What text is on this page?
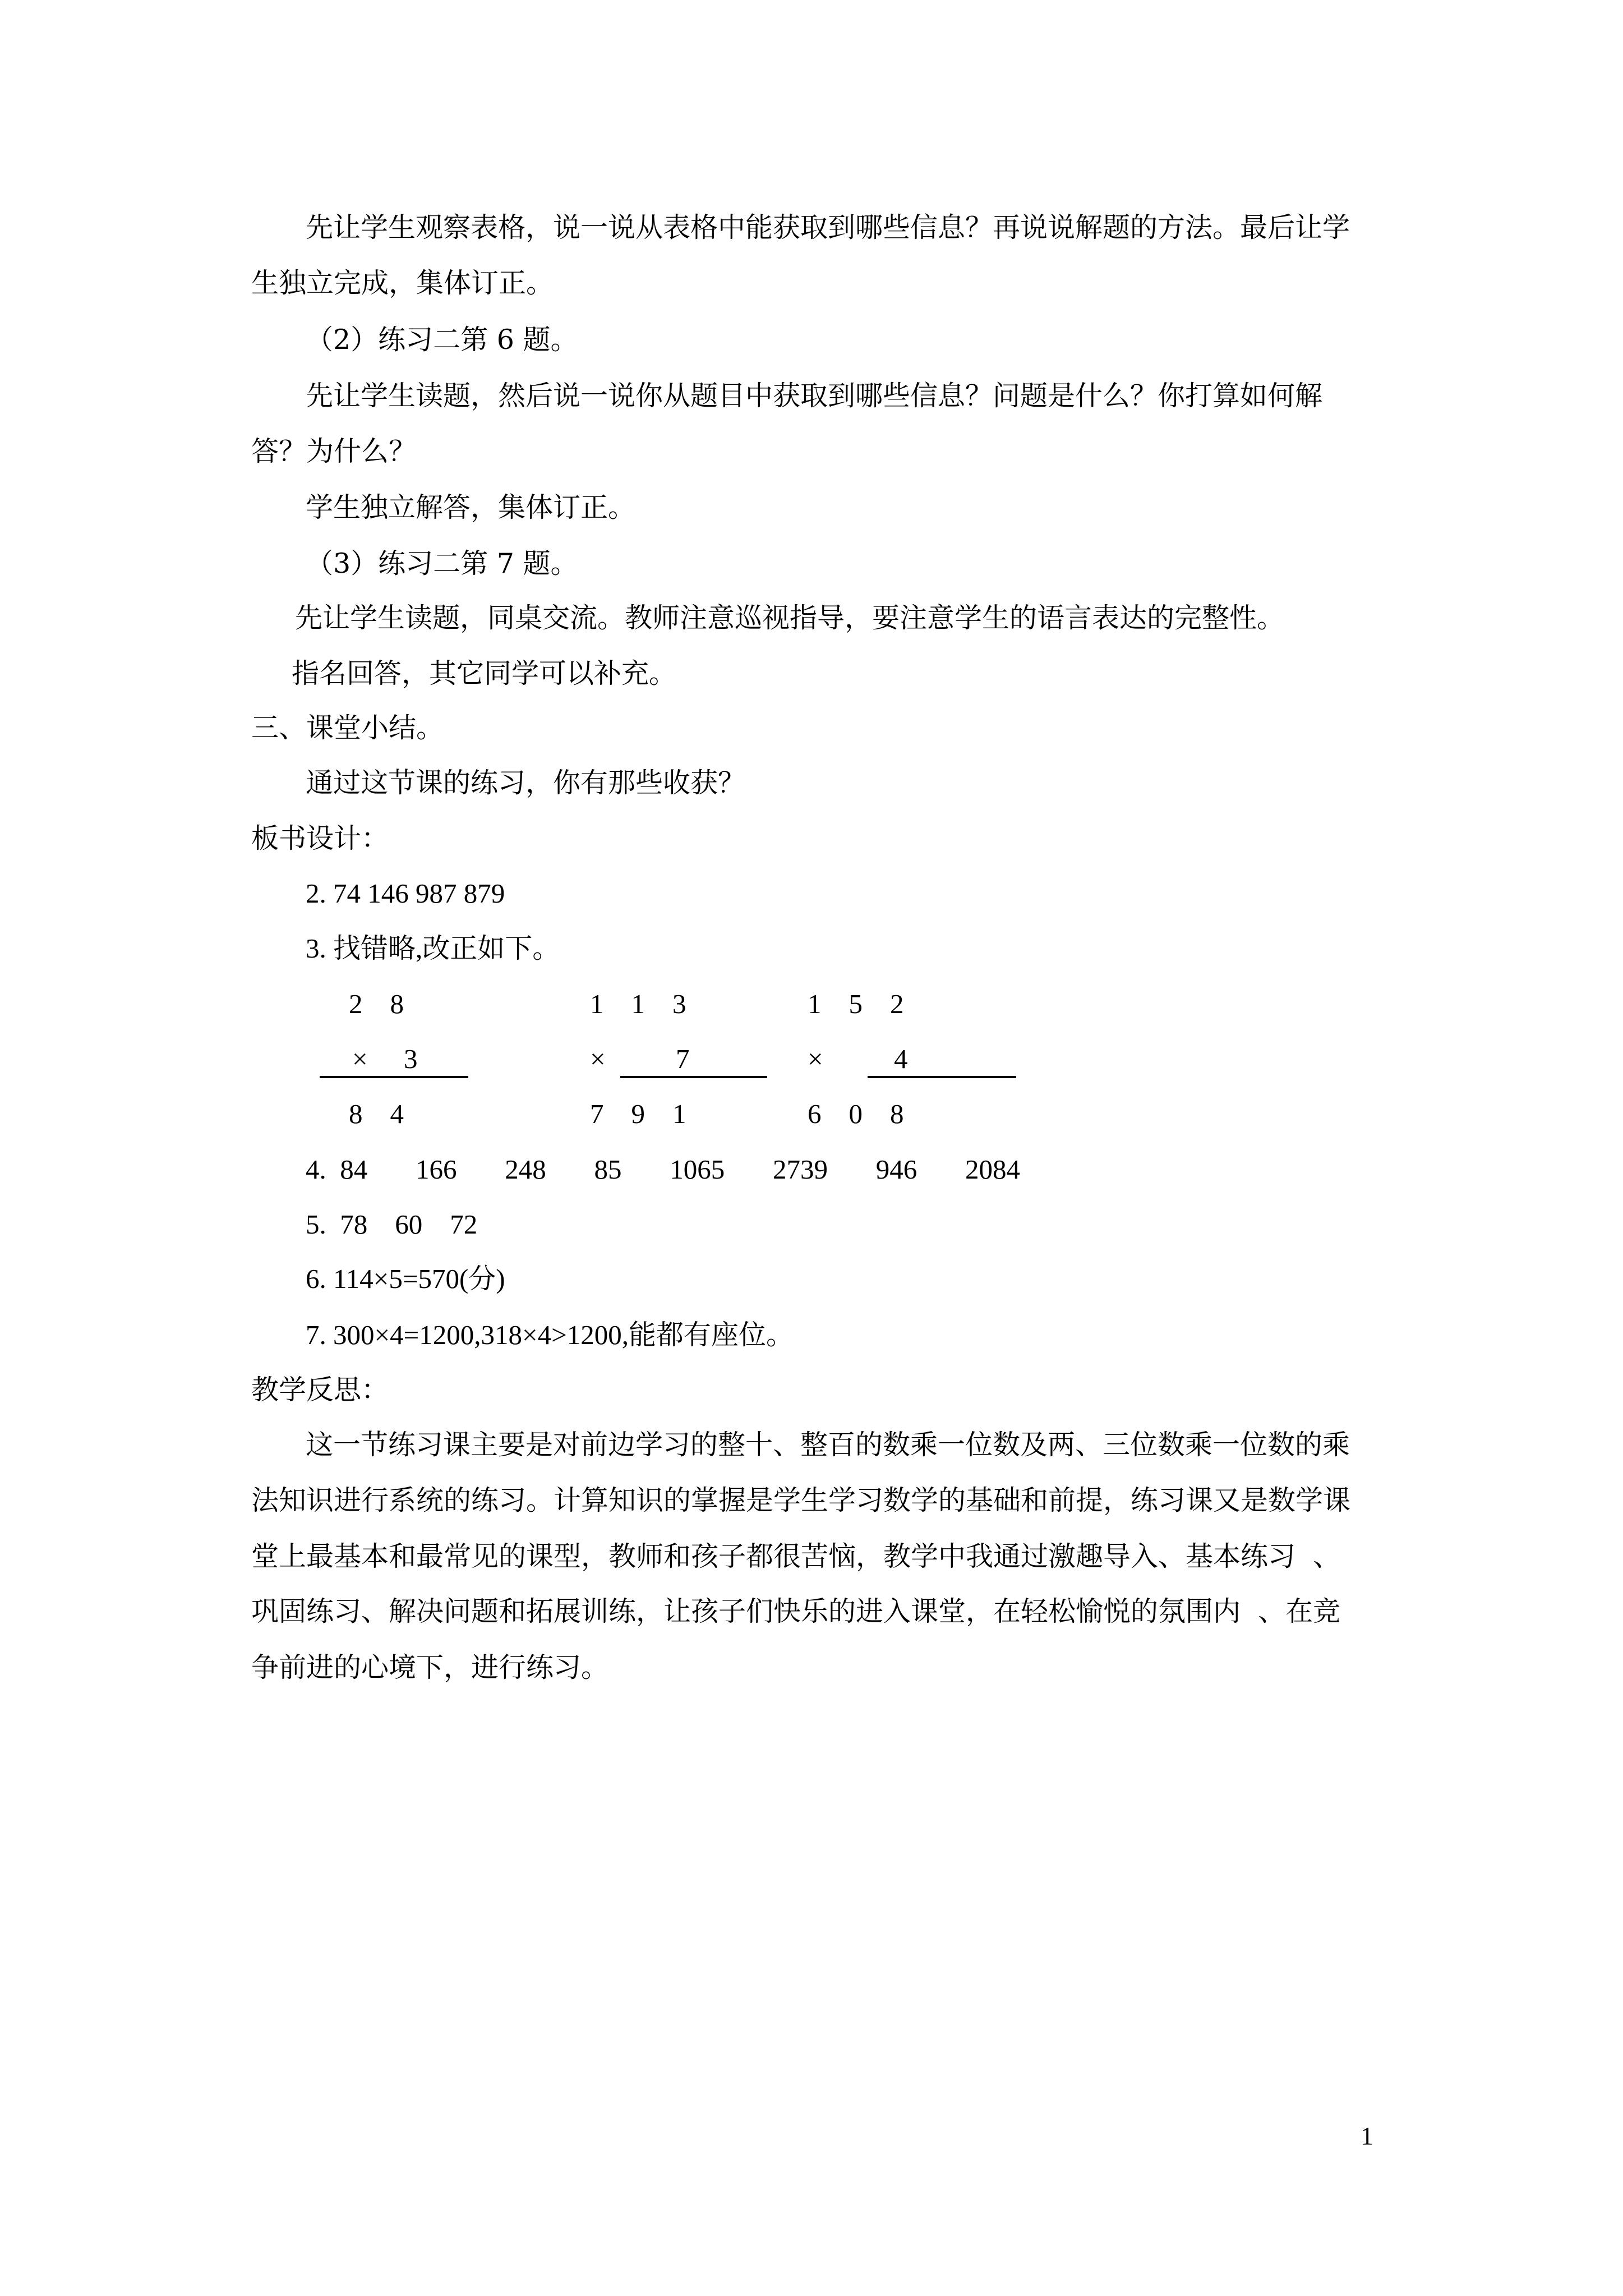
先让学生观察表格，说一说从表格中能获取到哪些信息？再说说解题的方法。最后让学
生独立完成，集体订正。
（2）练习二第 6 题。
先让学生读题，然后说一说你从题目中获取到哪些信息？问题是什么？你打算如何解
答？为什么？
学生独立解答，集体订正。
（3）练习二第 7 题。
先让学生读题，同桌交流。教师注意巡视指导，要注意学生的语言表达的完整性。
指名回答，其它同学可以补充。
三、课堂小结。
通过这节课的练习，你有那些收获？
板书设计：
2. 74 146 987 879
3. 找错略,改正如下。
2    8
× 3
8    4
1    1    3
×	7
7    9    1
1    5    2
×	4
6    0    8
4.  84       166       248       85       1065       2739       946       2084
5.  78    60    72
6. 114×5=570(分)
7. 300×4=1200,318×4>1200,能都有座位。
教学反思：
这一节练习课主要是对前边学习的整十、整百的数乘一位数及两、三位数乘一位数的乘
法知识进行系统的练习。计算知识的掌握是学生学习数学的基础和前提，练习课又是数学课
堂上最基本和最常见的课型，教师和孩子都很苦恼，教学中我通过激趣导入、基本练习  、
巩固练习、解决问题和拓展训练，让孩子们快乐的进入课堂，在轻松愉悦的氛围内  、在竞
争前进的心境下，进行练习。
1
